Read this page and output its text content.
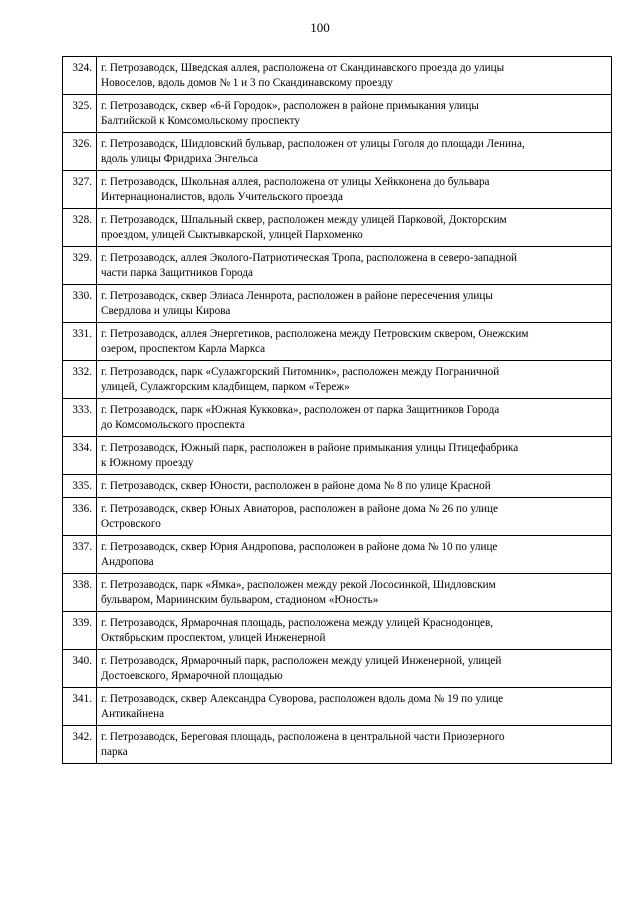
100
324.	г. Петрозаводск, Шведская аллея, расположена от Скандинавского проезда до улицы
Новоселов, вдоль домов № 1 и 3 по Скандинавскому проезду

325.	г. Петрозаводск, сквер «6-й Городок», расположен в районе примыкания улицы
Балтийской к Комсомольскому проспекту

326.	г. Петрозаводск, Шидловский бульвар, расположен от улицы Гоголя до площади Ленина,
вдоль улицы Фридриха Энгельса

327.	г. Петрозаводск, Школьная аллея, расположена от улицы Хейкконена до бульвара
Интернационалистов, вдоль Учительского проезда

328.	г. Петрозаводск, Шпальный сквер, расположен между улицей Парковой, Докторским
проездом, улицей Сыктывкарской, улицей Пархоменко

329.	г. Петрозаводск, аллея Эколого-Патриотическая Тропа, расположена в северо-западной
части парка Защитников Города

330.	г. Петрозаводск, сквер Элиаса Леннрота, расположен в районе пересечения улицы
Свердлова и улицы Кирова

331.	г. Петрозаводск, аллея Энергетиков, расположена между Петровским сквером, Онежским
озером, проспектом Карла Маркса

332.	г. Петрозаводск, парк «Сулажгорский Питомник», расположен между Пограничной
улицей, Сулажгорским кладбищем, парком «Тереж»

333.	г. Петрозаводск, парк «Южная Кукковка», расположен от парка Защитников Города
до Комсомольского проспекта

334.	г. Петрозаводск, Южный парк, расположен в районе примыкания улицы Птицефабрика
к Южному проезду

335.	г. Петрозаводск, сквер Юности, расположен в районе дома № 8 по улице Красной

336.	г. Петрозаводск, сквер Юных Авиаторов, расположен в районе дома № 26 по улице
Островского

337.	г. Петрозаводск, сквер Юрия Андропова, расположен в районе дома № 10 по улице
Андропова

338.	г. Петрозаводск, парк «Ямка», расположен между рекой Лососинкой, Шидловским
бульваром, Мариинским бульваром, стадионом «Юность»

339.	г. Петрозаводск, Ярмарочная площадь, расположена между улицей Краснодонцев,
Октябрьским проспектом, улицей Инженерной

340.	г. Петрозаводск, Ярмарочный парк, расположен между улицей Инженерной, улицей
Достоевского, Ярмарочной площадью

341.	г. Петрозаводск, сквер Александра Суворова, расположен вдоль дома № 19 по улице
Антикайнена

342.	г. Петрозаводск, Береговая площадь, расположена в центральной части Приозерного
парка
